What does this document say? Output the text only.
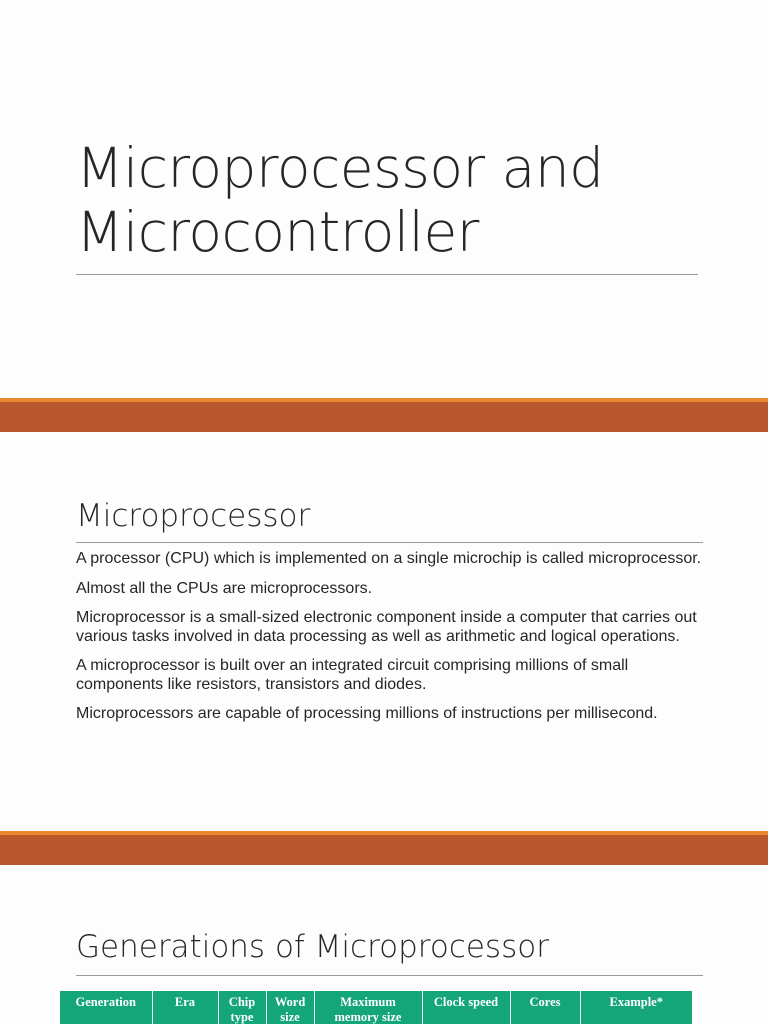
Microprocessor and
Microcontroller
Microprocessor
A processor (CPU) which is implemented on a single microchip is called microprocessor.
Almost all the CPUs are microprocessors.
Microprocessor is a small-sized electronic component inside a computer that carries out various tasks involved in data processing as well as arithmetic and logical operations.
A microprocessor is built over an integrated circuit comprising millions of small components like resistors, transistors and diodes.
Microprocessors are capable of processing millions of instructions per millisecond.
Generations of Microprocessor
Generation	Era	Chip type	Word size	Maximum memory size	Clock speed	Cores	Example*
